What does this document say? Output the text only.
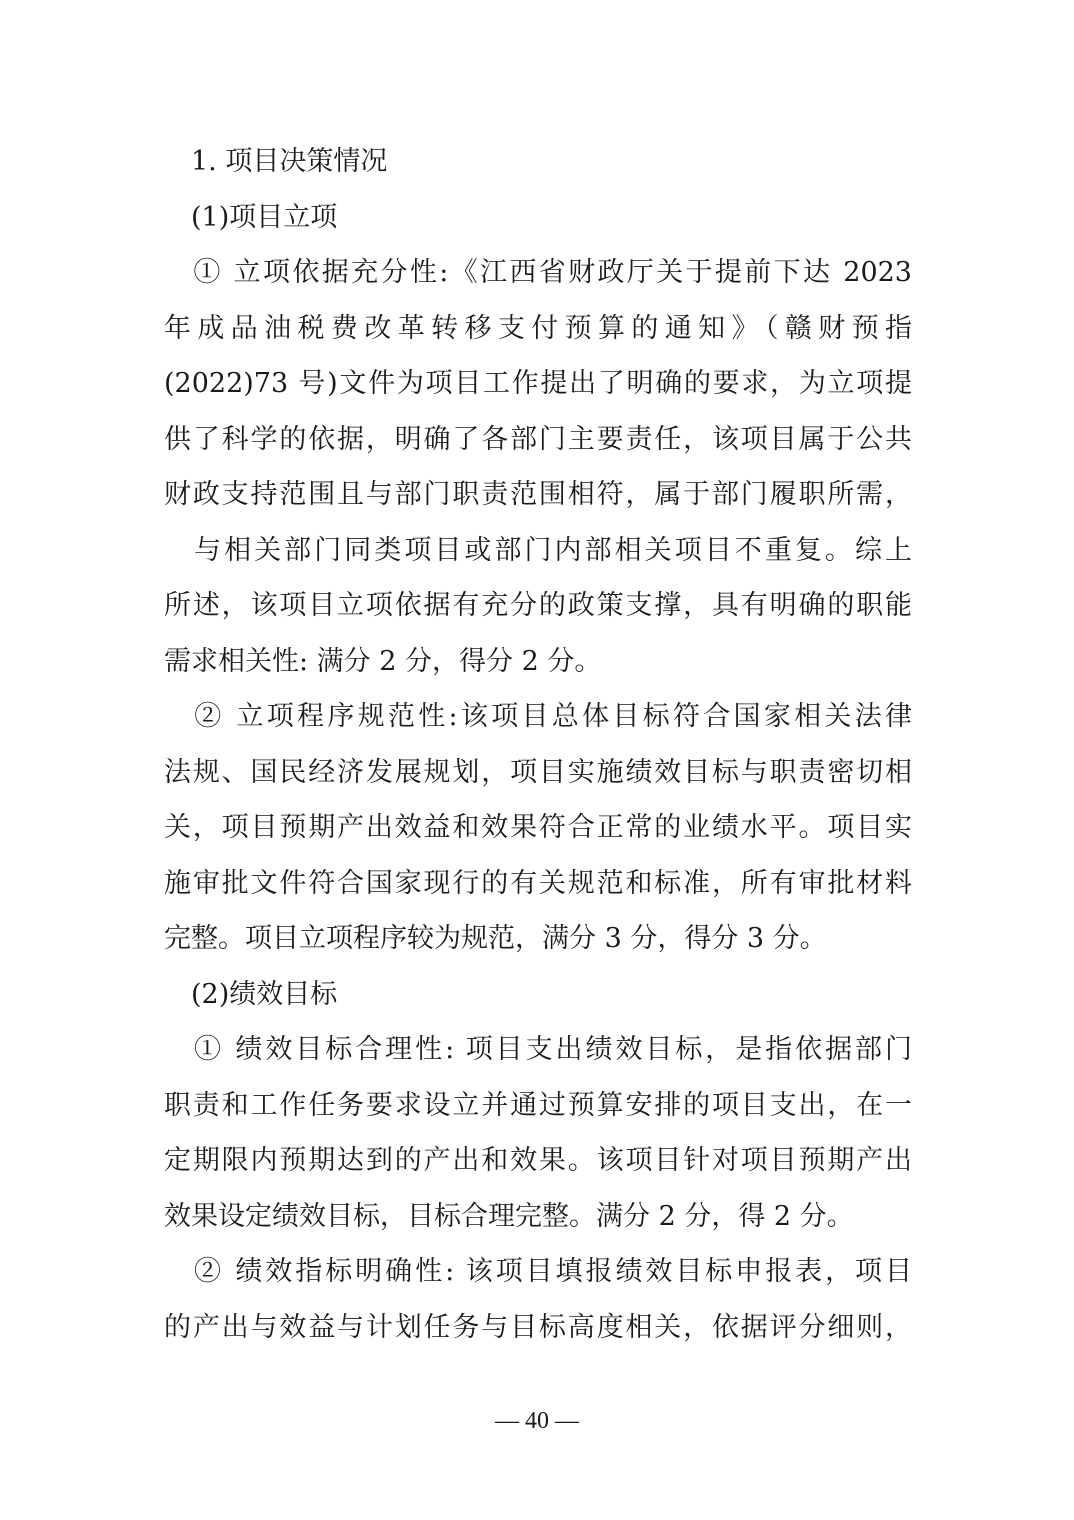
　1. 项目决策情况
　(1)项目立项
　① 立项依据充分性:《江西省财政厅关于提前下达 2023
年成品油税费改革转移支付预算的通知》（赣财预指
(2022)73 号)文件为项目工作提出了明确的要求，为立项提
供了科学的依据，明确了各部门主要责任，该项目属于公共
财政支持范围且与部门职责范围相符，属于部门履职所需，
　与相关部门同类项目或部门内部相关项目不重复。综上
所述，该项目立项依据有充分的政策支撑，具有明确的职能
需求相关性: 满分 2 分，得分 2 分。
　② 立项程序规范性:该项目总体目标符合国家相关法律
法规、国民经济发展规划，项目实施绩效目标与职责密切相
关，项目预期产出效益和效果符合正常的业绩水平。项目实
施审批文件符合国家现行的有关规范和标准，所有审批材料
完整。项目立项程序较为规范，满分 3 分，得分 3 分。
　(2)绩效目标
　① 绩效目标合理性: 项目支出绩效目标，是指依据部门
职责和工作任务要求设立并通过预算安排的项目支出，在一
定期限内预期达到的产出和效果。该项目针对项目预期产出
效果设定绩效目标，目标合理完整。满分 2 分，得 2 分。
　② 绩效指标明确性: 该项目填报绩效目标申报表，项目
的产出与效益与计划任务与目标高度相关，依据评分细则，
— 40 —
